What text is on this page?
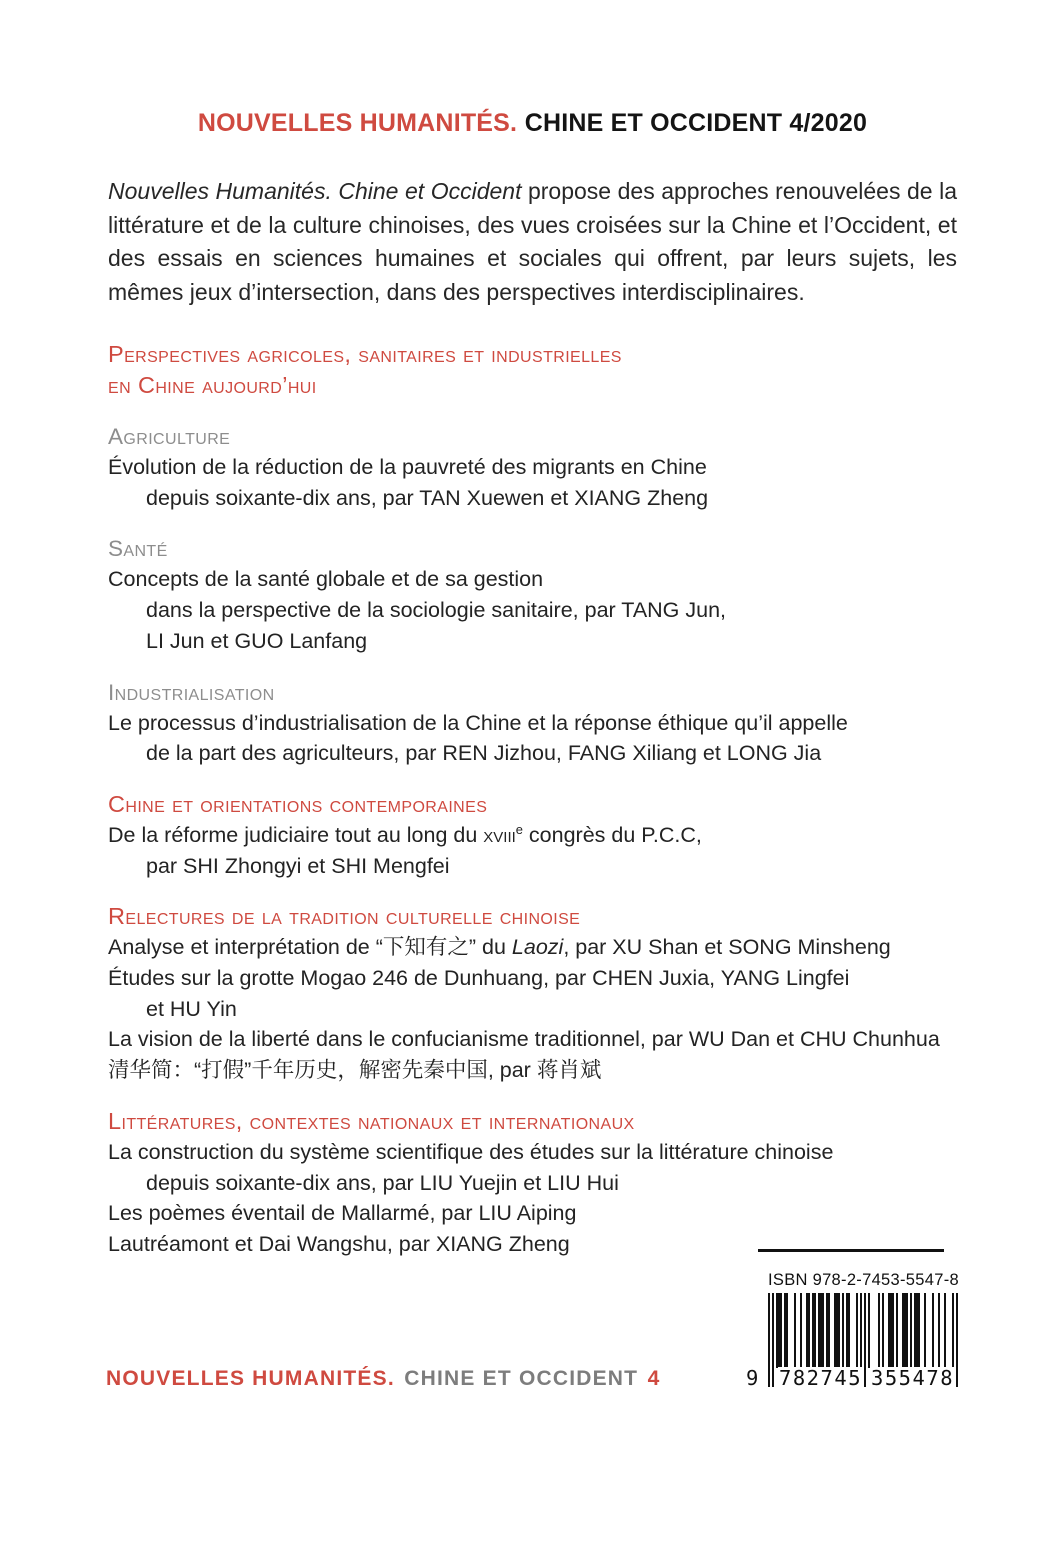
NOUVELLES HUMANITÉS. CHINE ET OCCIDENT 4/2020

Nouvelles Humanités. Chine et Occident propose des approches renouvelées de la littérature et de la culture chinoises, des vues croisées sur la Chine et l’Occident, et des essais en sciences humaines et sociales qui offrent, par leurs sujets, les mêmes jeux d’intersection, dans des perspectives interdisciplinaires.

Perspectives agricoles, sanitaires et industrielles
en Chine aujourd’hui
Agriculture
Évolution de la réduction de la pauvreté des migrants en Chine
depuis soixante-dix ans, par TAN Xuewen et XIANG Zheng
Santé
Concepts de la santé globale et de sa gestion
dans la perspective de la sociologie sanitaire, par TANG Jun,
LI Jun et GUO Lanfang
Industrialisation
Le processus d’industrialisation de la Chine et la réponse éthique qu’il appelle
de la part des agriculteurs, par REN Jizhou, FANG Xiliang et LONG Jia
Chine et orientations contemporaines
De la réforme judiciaire tout au long du xviii$^e$ congrès du P.C.C,
par SHI Zhongyi et SHI Mengfei
Relectures de la tradition culturelle chinoise
Analyse et interprétation de “下知有之” du Laozi, par XU Shan et SONG Minsheng
Études sur la grotte Mogao 246 de Dunhuang, par CHEN Juxia, YANG Lingfei
et HU Yin
La vision de la liberté dans le confucianisme traditionnel, par WU Dan et CHU Chunhua
清华简：“打假”千年历史，解密先秦中国, par 蒋肖斌
Littératures, contextes nationaux et internationaux
La construction du système scientifique des études sur la littérature chinoise
depuis soixante-dix ans, par LIU Yuejin et LIU Hui
Les poèmes éventail de Mallarmé, par LIU Aiping
Lautréamont et Dai Wangshu, par XIANG Zheng
NOUVELLES HUMANITÉS. CHINE ET OCCIDENT 4
ISBN 978-2-7453-5547-8
9 782745 355478
